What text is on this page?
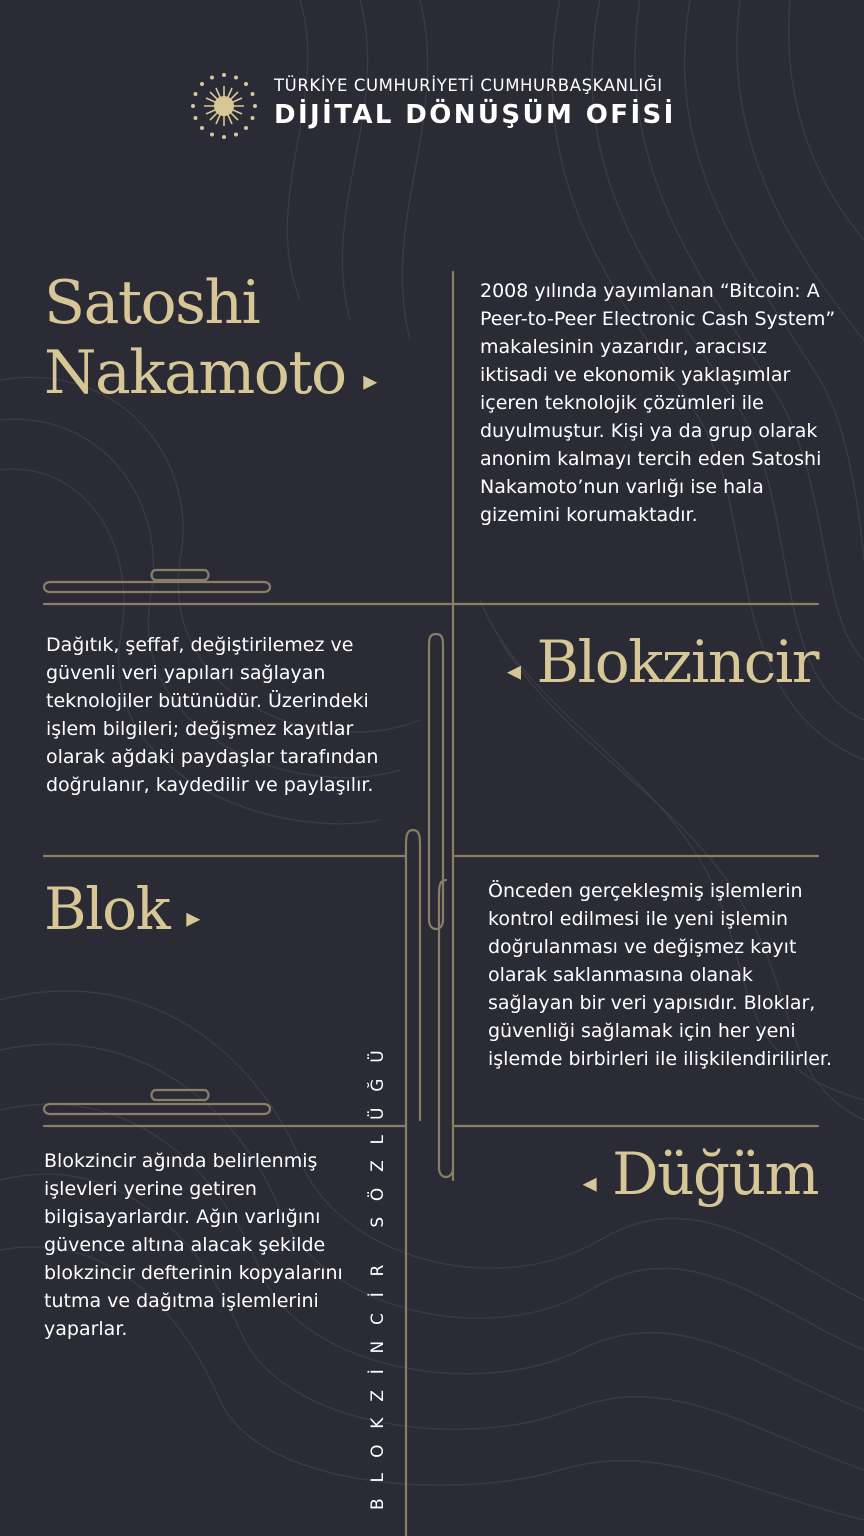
TÜRKİYE CUMHURİYETİ CUMHURBAŞKANLIĞI
DİJİTAL DÖNÜŞÜM OFİSİ
Satoshi
Nakamoto ▸
2008 yılında yayımlanan “Bitcoin: A Peer-to-Peer Electronic Cash System” makalesinin yazarıdır, aracısız iktisadi ve ekonomik yaklaşımlar içeren teknolojik çözümleri ile duyulmuştur. Kişi ya da grup olarak anonim kalmayı tercih eden Satoshi Nakamoto’nun varlığı ise hala gizemini korumaktadır.
◂ Blokzincir
Dağıtık, şeffaf, değiştirilemez ve güvenli veri yapıları sağlayan teknolojiler bütünüdür. Üzerindeki işlem bilgileri; değişmez kayıtlar olarak ağdaki paydaşlar tarafından doğrulanır, kaydedilir ve paylaşılır.
Blok ▸
Önceden gerçekleşmiş işlemlerin kontrol edilmesi ile yeni işlemin doğrulanması ve değişmez kayıt olarak saklanmasına olanak sağlayan bir veri yapısıdır. Bloklar, güvenliği sağlamak için her yeni işlemde birbirleri ile ilişkilendirilirler.
◂ Düğüm
Blokzincir ağında belirlenmiş işlevleri yerine getiren bilgisayarlardır. Ağın varlığını güvence altına alacak şekilde blokzincir defterinin kopyalarını tutma ve dağıtma işlemlerini yaparlar.	BLOKZİNCİR SÖZLÜĞÜ
